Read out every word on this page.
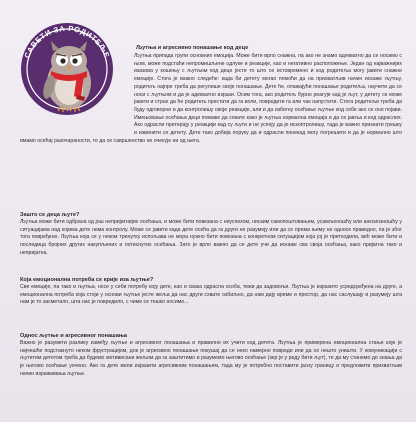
САВЕТИ ЗА РОДИТЕЉЕ

Љутња и агресивно понашање код деце

Љутња припада групи основних емоција. Може бити врло снажна, па ако не знамо адекватно да се носимо с њом, може подстаћи непромишљене одлуке и реакције, као и негативно расположење. Један од најважнијих изазова у кошењу с љутњом код деце јесте то што се истовремено и код родитеља могу јавити снажне емоције. Стога је важно следеће: када би детету могао помоћи да на прихватљив начин искаже љутњу, родитељ најпре треба да регулише своје понашање. Дете ће, опажајући понашање родитеља, научити да се носи с љутњом и да је адекватно изрази. Осим тога, ако родитељ бурно реагује кад је љут, у детету се може јавити и страх да ће родитељ престати да га воли, повредити га или чак напустити. Стога родитељи треба да буду одговорни и да контролишу своје реакције, али и да избегну осећање љутње код себе ако се оно појави. Имењовање осећања деци помаже да схвате како је љутња нормална емоција и да се јавља и код одраслих. Ако одрасли претерају у реакцији кад су љути и не успеју да је ископтролишу, тада је важно признати грешку и извинити се детету. Дете тако добија поруку да и одрасли понекад могу погрешити и да је нормално што имамо осећај разочараности, те да се савршенство не очекује ни од њега.

Зашто се деца љуте?

Љутња може бити одбрана од још непријатнијих осећања, и може бити повезана с неуспехом, ниским самопоштовањем, усамљеношћу или анксиозношћу у ситуацијама над којима дете нема контролу. Може се јавити када дете осећа да га други не разумеју или да се према њему не односе праведно, па је због тога повређено. Љутња која се у неком тренутку испољава не мора нужно бити повезана с конкретном ситуацијом која јој је претходила, већ може бити и последица бројних других накупљених и потиснутих осећања. Зато је врло важно да се дете учи да искаже сва своја осећања, како пријатна тако и непријатна.

Која емоционална потреба се крије иза љутње?

Све емоције, па тако и љутња, носе у себи потребу коју дете, као и свака одрасла особа, тежи да задовољи. Љутња је изразито усредсређена на друге, а емоционална потреба која стоји у основи љутње јесте жеља да нас други схвате озбиљно, да нам дају време и простор, да нас саслушају и разумеју шта нам је то засметало, шта нас је повредило, с чиме се тешко носимо...

Однос љутње и агресивног понашања

Важно је разумети разлику између љутње и агресивног понашања и правилно их учити код детета. Љутња је примерена емоционална стање које је најчешће подстакнуто неком фрустрацијом, док је агресивно понашање покушај да се неко намерно повреди или да се нешто уништи. У комуникацији с љутитим дететом треба да будемо мотивисани жељом да га заштитимо и разумемо његово осећање (зер је у реду бити љут), те да му станемо до знања да је његово осећање уочено. Ако га дете жели изразити агресивним понашањем, тада му је потребно поставити јасну границу и предложити прихватљив начин изражавања љутње.
